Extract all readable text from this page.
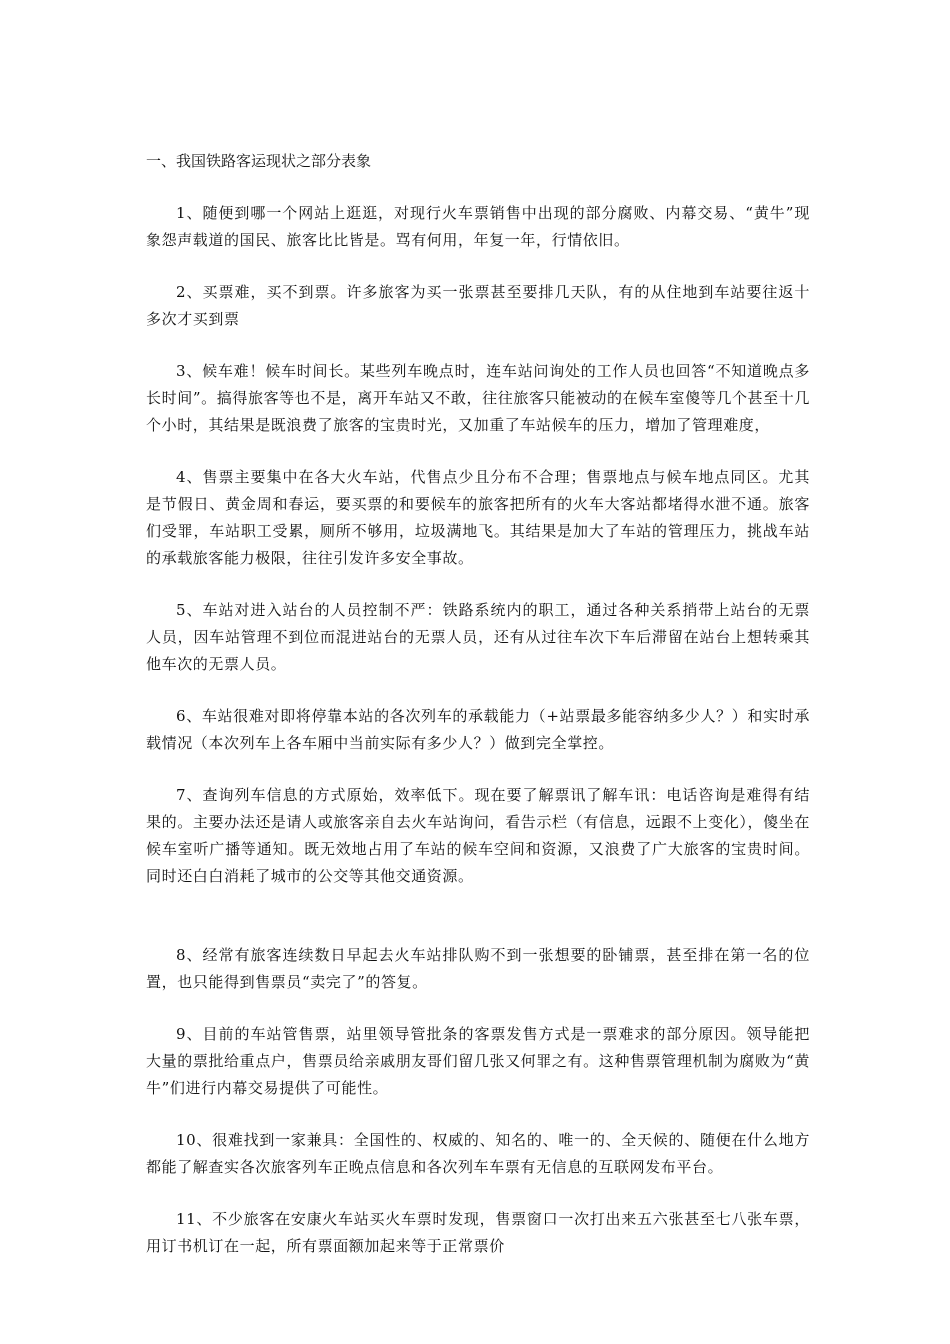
一、我国铁路客运现状之部分表象

1、随便到哪一个网站上逛逛，对现行火车票销售中出现的部分腐败、内幕交易、“黄牛”现象怨声载道的国民、旅客比比皆是。骂有何用，年复一年，行情依旧。

2、买票难，买不到票。许多旅客为买一张票甚至要排几天队，有的从住地到车站要往返十多次才买到票

3、候车难！候车时间长。某些列车晚点时，连车站问询处的工作人员也回答“不知道晚点多长时间”。搞得旅客等也不是，离开车站又不敢，往往旅客只能被动的在候车室傻等几个甚至十几个小时，其结果是既浪费了旅客的宝贵时光，又加重了车站候车的压力，增加了管理难度，

4、售票主要集中在各大火车站，代售点少且分布不合理；售票地点与候车地点同区。尤其是节假日、黄金周和春运，要买票的和要候车的旅客把所有的火车大客站都堵得水泄不通。旅客们受罪，车站职工受累，厕所不够用，垃圾满地飞。其结果是加大了车站的管理压力，挑战车站的承载旅客能力极限，往往引发许多安全事故。

5、车站对进入站台的人员控制不严：铁路系统内的职工，通过各种关系捎带上站台的无票人员，因车站管理不到位而混进站台的无票人员，还有从过往车次下车后滞留在站台上想转乘其他车次的无票人员。

6、车站很难对即将停靠本站的各次列车的承载能力（+站票最多能容纳多少人？）和实时承载情况（本次列车上各车厢中当前实际有多少人？）做到完全掌控。

7、查询列车信息的方式原始，效率低下。现在要了解票讯了解车讯：电话咨询是难得有结果的。主要办法还是请人或旅客亲自去火车站询问，看告示栏（有信息，远跟不上变化），傻坐在候车室听广播等通知。既无效地占用了车站的候车空间和资源，又浪费了广大旅客的宝贵时间。同时还白白消耗了城市的公交等其他交通资源。

8、经常有旅客连续数日早起去火车站排队购不到一张想要的卧铺票，甚至排在第一名的位置，也只能得到售票员“卖完了”的答复。

9、目前的车站管售票，站里领导管批条的客票发售方式是一票难求的部分原因。领导能把大量的票批给重点户，售票员给亲戚朋友哥们留几张又何罪之有。这种售票管理机制为腐败为“黄牛”们进行内幕交易提供了可能性。

10、很难找到一家兼具：全国性的、权威的、知名的、唯一的、全天候的、随便在什么地方都能了解查实各次旅客列车正晚点信息和各次列车车票有无信息的互联网发布平台。

11、不少旅客在安康火车站买火车票时发现，售票窗口一次打出来五六张甚至七八张车票，用订书机订在一起，所有票面额加起来等于正常票价
